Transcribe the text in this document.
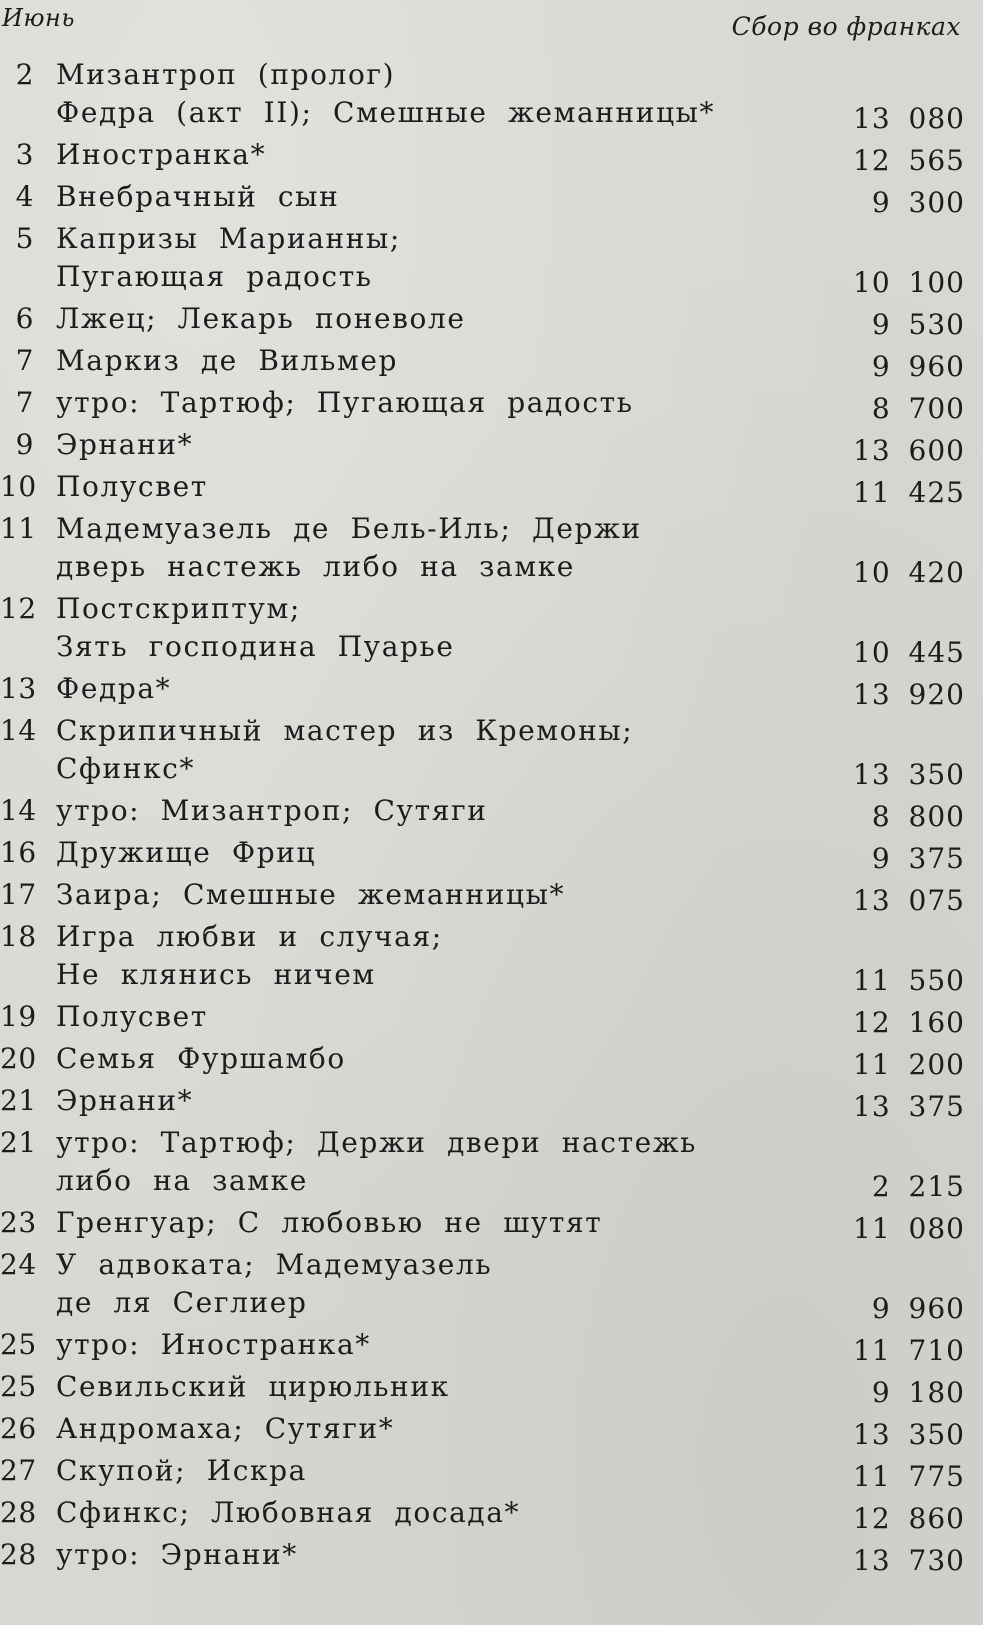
Июнь	Сбор во франках
2 Мизантроп (пролог)
Федра (акт II); Смешные жеманницы*	13 080
3 Иностранка*	12 565
4 Внебрачный сын	9 300
5 Капризы Марианны;
Пугающая радость	10 100
6 Лжец; Лекарь поневоле	9 530
7 Маркиз де Вильмер	9 960
7 утро: Тартюф; Пугающая радость	8 700
9 Эрнани*	13 600
10 Полусвет	11 425
11 Мадемуазель де Бель-Иль; Держи
дверь настежь либо на замке	10 420
12 Постскриптум;
Зять господина Пуарье	10 445
13 Федра*	13 920
14 Скрипичный мастер из Кремоны;
Сфинкс*	13 350
14 утро: Мизантроп; Сутяги	8 800
16 Дружище Фриц	9 375
17 Заира; Смешные жеманницы*	13 075
18 Игра любви и случая;
Не клянись ничем	11 550
19 Полусвет	12 160
20 Семья Фуршамбо	11 200
21 Эрнани*	13 375
21 утро: Тартюф; Держи двери настежь
либо на замке	2 215
23 Гренгуар; С любовью не шутят	11 080
24 У адвоката; Мадемуазель
де ля Сеглиер	9 960
25 утро: Иностранка*	11 710
25 Севильский цирюльник	9 180
26 Андромаха; Сутяги*	13 350
27 Скупой; Искра	11 775
28 Сфинкс; Любовная досада*	12 860
28 утро: Эрнани*	13 730
